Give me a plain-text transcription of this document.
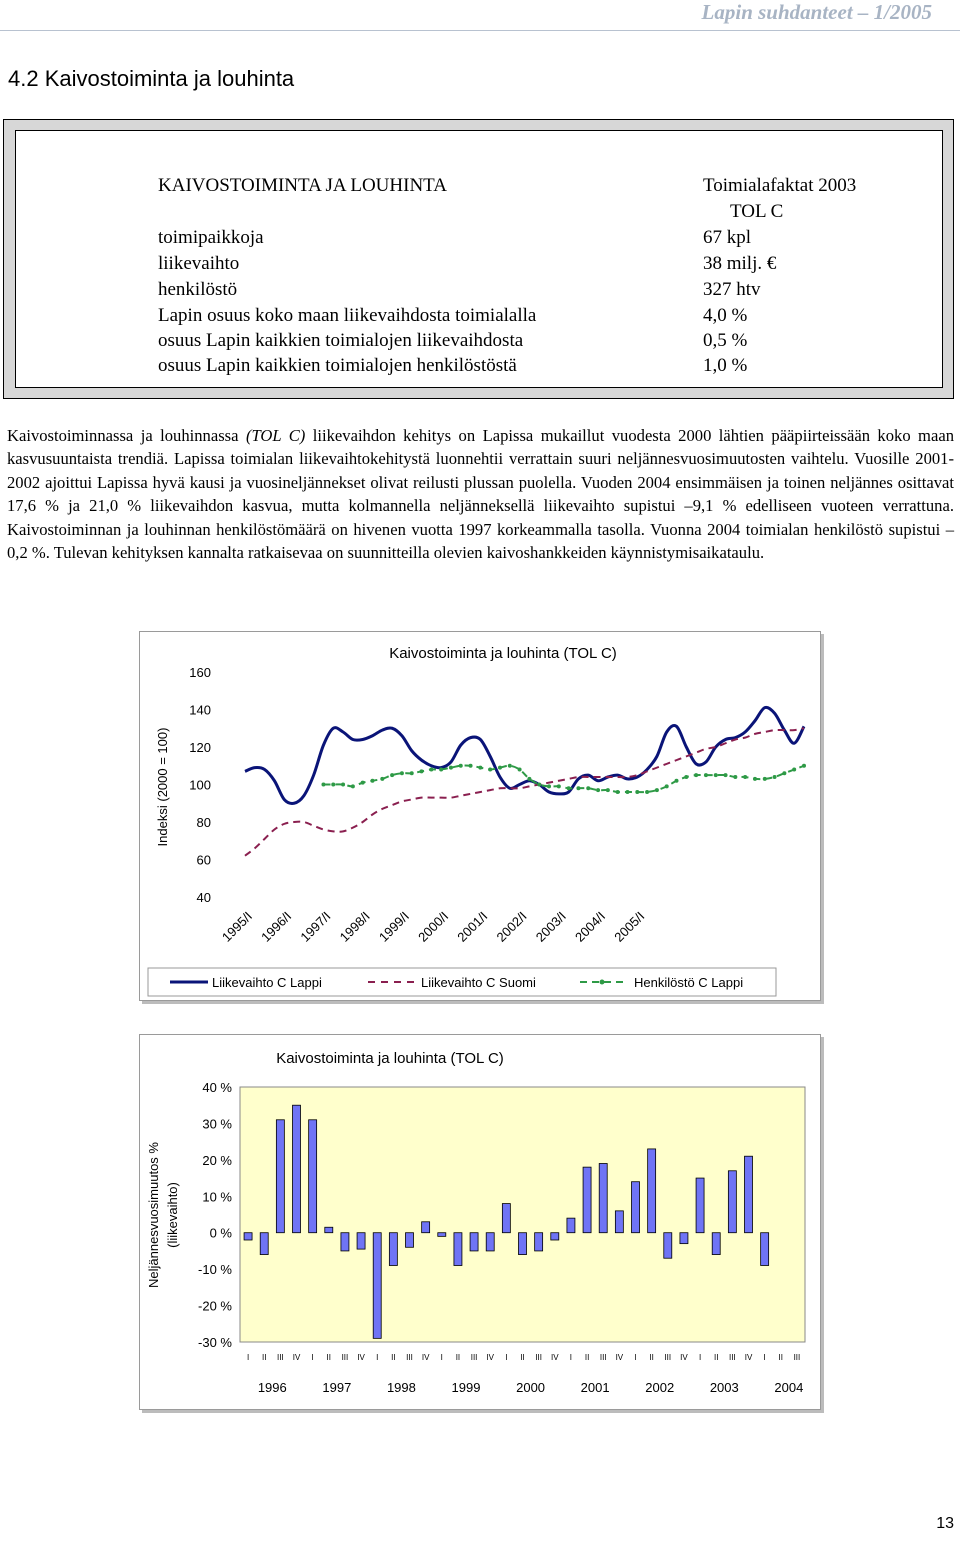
Lapin suhdanteet – 1/2005
4.2 Kaivostoiminta ja louhinta
KAIVOSTOIMINTA JA LOUHINTA	Toimialafaktat 2003
TOL C
toimipaikkoja	67 kpl
liikevaihto	38 milj. €
henkilöstö	327 htv
Lapin osuus koko maan liikevaihdosta toimialalla	4,0 %
osuus Lapin kaikkien toimialojen liikevaihdosta	0,5 %
osuus Lapin kaikkien toimialojen henkilöstöstä	1,0 %

Kaivostoiminnassa ja louhinnassa (TOL C) liikevaihdon kehitys on Lapissa mukaillut vuodesta 2000 lähtien pääpiirteissään koko maan kasvusuuntaista trendiä. Lapissa toimialan liikevaihtokehitystä luonnehtii verrattain suuri neljännesvuosimuutosten vaihtelu. Vuosille 2001-2002 ajoittui Lapissa hyvä kausi ja vuosineljännekset olivat reilusti plussan puolella. Vuoden 2004 ensimmäisen ja toinen neljännes osittavat 17,6 % ja 21,0 % liikevaihdon kasvua, mutta kolmannella neljänneksellä liikevaihto supistui –9,1 % edelliseen vuoteen verrattuna. Kaivostoiminnan ja louhinnan henkilöstömäärä on hivenen vuotta 1997 korkeammalla tasolla. Vuonna 2004 toimialan henkilöstö supistui –0,2 %. Tulevan kehityksen kannalta ratkaisevaa on suunnitteilla olevien kaivoshankkeiden käynnistymisaikataulu.

Kaivostoiminta ja louhinta (TOL C)
Indeksi (2000 = 100)
40
60
80
100
120
140
160
1995/I 1996/I 1997/I 1998/I 1999/I 2000/I 2001/I 2002/I 2003/I 2004/I 2005/I
Liikevaihto C Lappi	Liikevaihto C Suomi	Henkilöstö C Lappi
Kaivostoiminta ja louhinta (TOL C)
Neljännesvuosimuutos % (liikevaihto)
-30 %
-20 %
-10 %
0 %
10 %
20 %
30 %
40 %
I II III IV I II III IV I II III IV I II III IV I II III IV I II III IV I II III IV I II III IV I II III
1996	1997	1998	1999	2000	2001	2002	2003	2004
13
